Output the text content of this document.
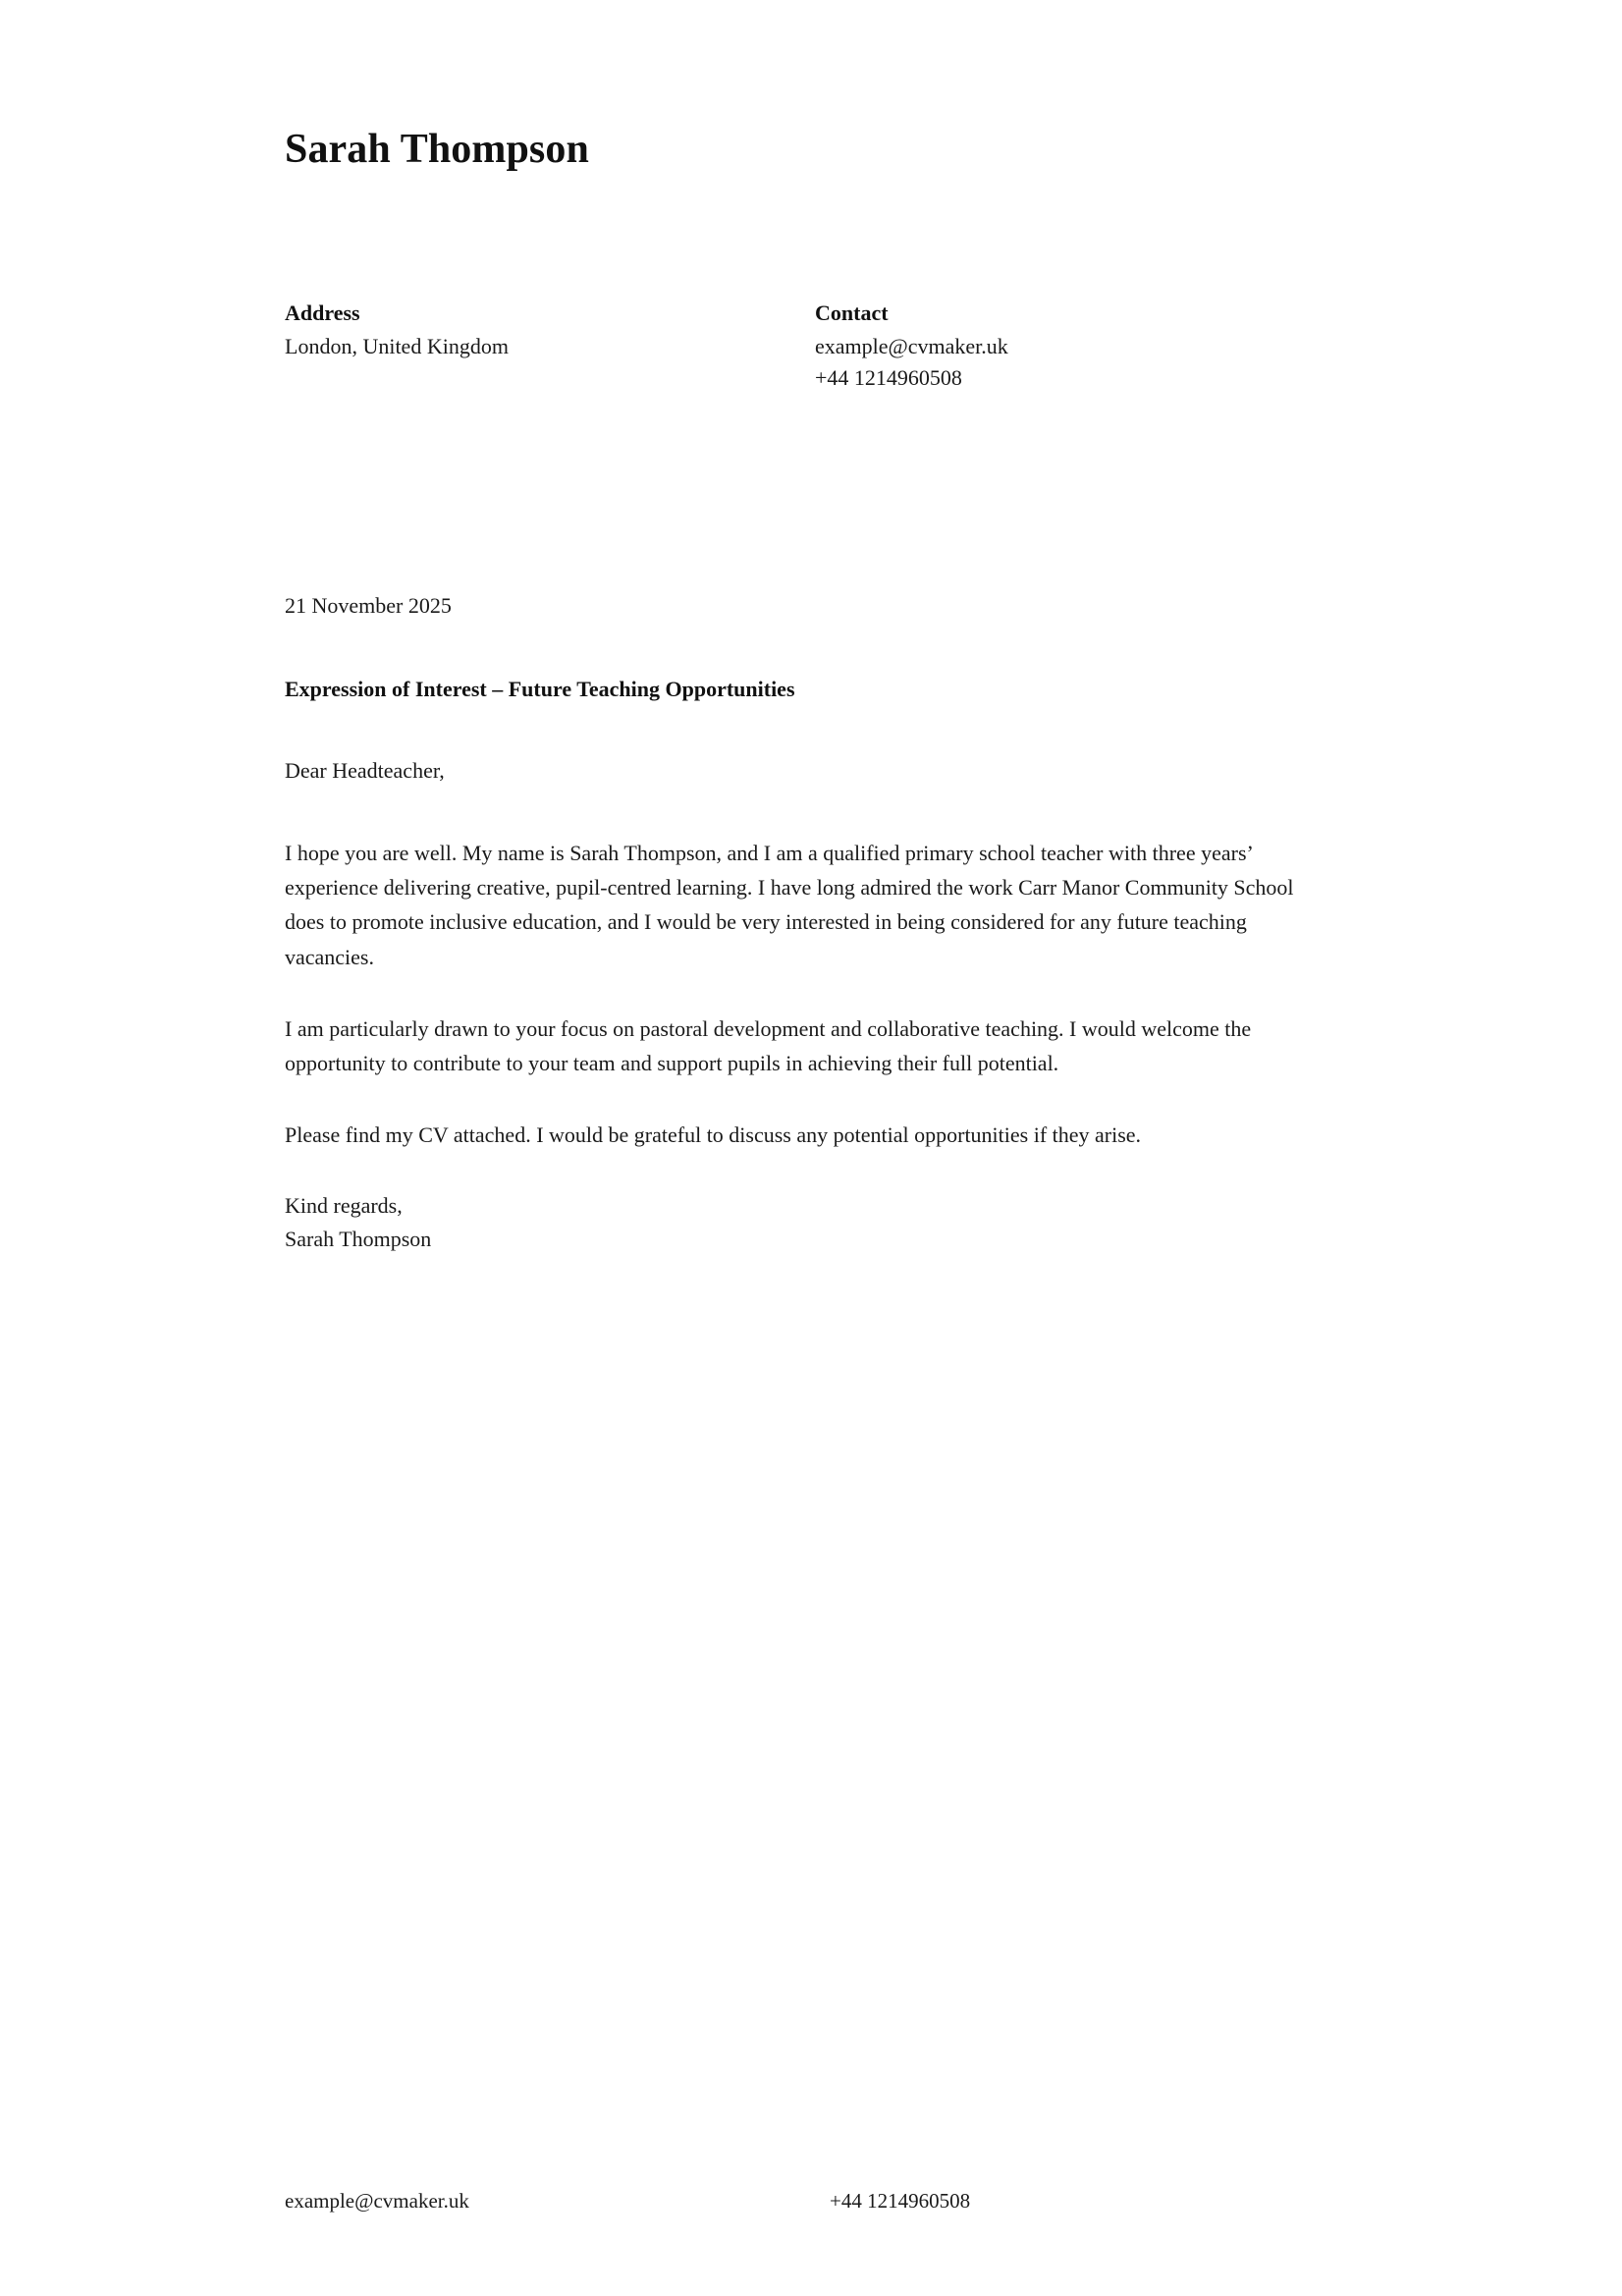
Sarah Thompson
Address
London, United Kingdom
Contact
example@cvmaker.uk
+44 1214960508
21 November 2025
Expression of Interest – Future Teaching Opportunities
Dear Headteacher,

I hope you are well. My name is Sarah Thompson, and I am a qualified primary school teacher with three years’ experience delivering creative, pupil-centred learning. I have long admired the work Carr Manor Community School does to promote inclusive education, and I would be very interested in being considered for any future teaching vacancies.

I am particularly drawn to your focus on pastoral development and collaborative teaching. I would welcome the opportunity to contribute to your team and support pupils in achieving their full potential.

Please find my CV attached. I would be grateful to discuss any potential opportunities if they arise.

Kind regards,
Sarah Thompson
example@cvmaker.uk	+44 1214960508
